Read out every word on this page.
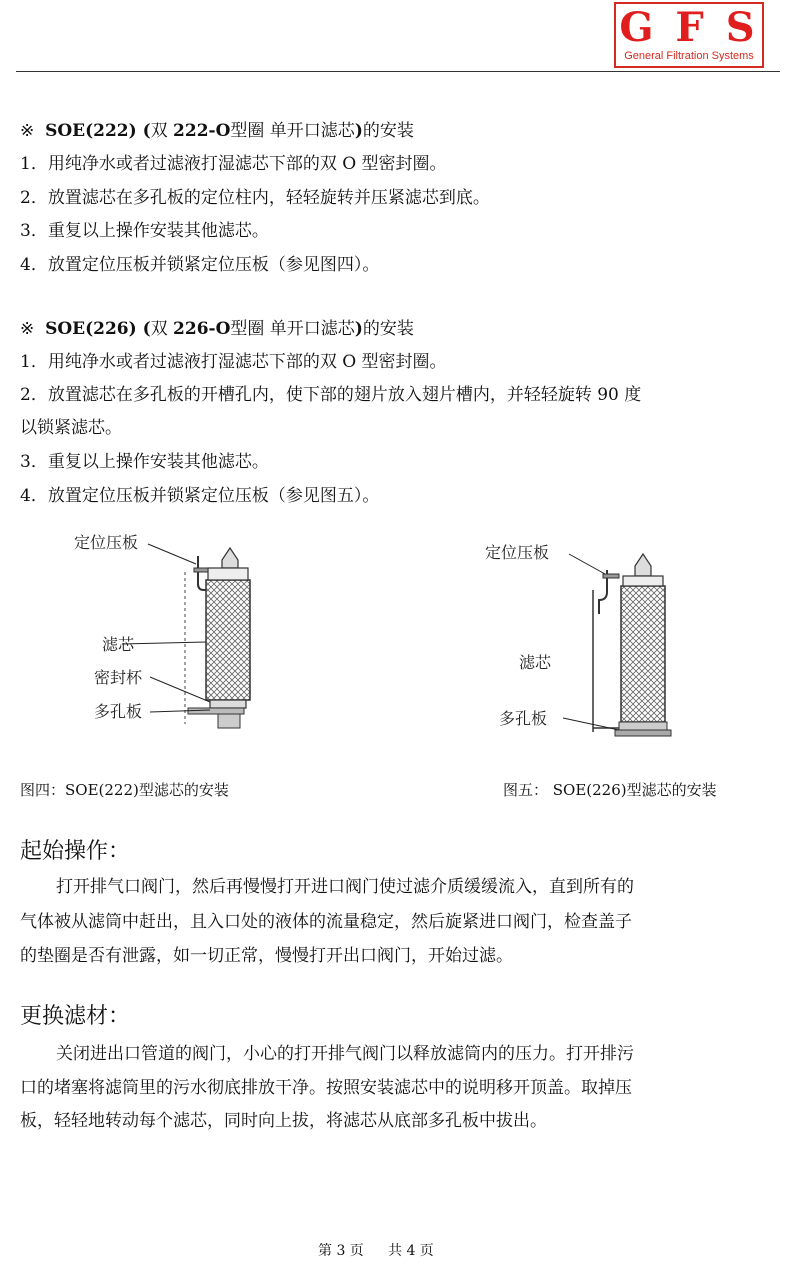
G F S
General Filtration Systems
※ SOE(222) (双 222-O型圈 单开口滤芯)的安装
1．用纯净水或者过滤液打湿滤芯下部的双 O 型密封圈。
2．放置滤芯在多孔板的定位柱内，轻轻旋转并压紧滤芯到底。
3．重复以上操作安装其他滤芯。
4．放置定位压板并锁紧定位压板（参见图四）。
※ SOE(226) (双 226-O型圈 单开口滤芯)的安装
1．用纯净水或者过滤液打湿滤芯下部的双 O 型密封圈。
2．放置滤芯在多孔板的开槽孔内，使下部的翅片放入翅片槽内，并轻轻旋转 90 度
以锁紧滤芯。
3．重复以上操作安装其他滤芯。
4．放置定位压板并锁紧定位压板（参见图五）。
定位压板
滤芯
密封杯
多孔板
定位压板
滤芯
多孔板
图四：SOE(222)型滤芯的安装	图五： SOE(226)型滤芯的安装
起始操作：
打开排气口阀门，然后再慢慢打开进口阀门使过滤介质缓缓流入，直到所有的
气体被从滤筒中赶出，且入口处的液体的流量稳定，然后旋紧进口阀门，检查盖子
的垫圈是否有泄露，如一切正常，慢慢打开出口阀门，开始过滤。
更换滤材：
关闭进出口管道的阀门，小心的打开排气阀门以释放滤筒内的压力。打开排污
口的堵塞将滤筒里的污水彻底排放干净。按照安装滤芯中的说明移开顶盖。取掉压
板，轻轻地转动每个滤芯，同时向上拔，将滤芯从底部多孔板中拔出。
第 3 页 共 4 页
